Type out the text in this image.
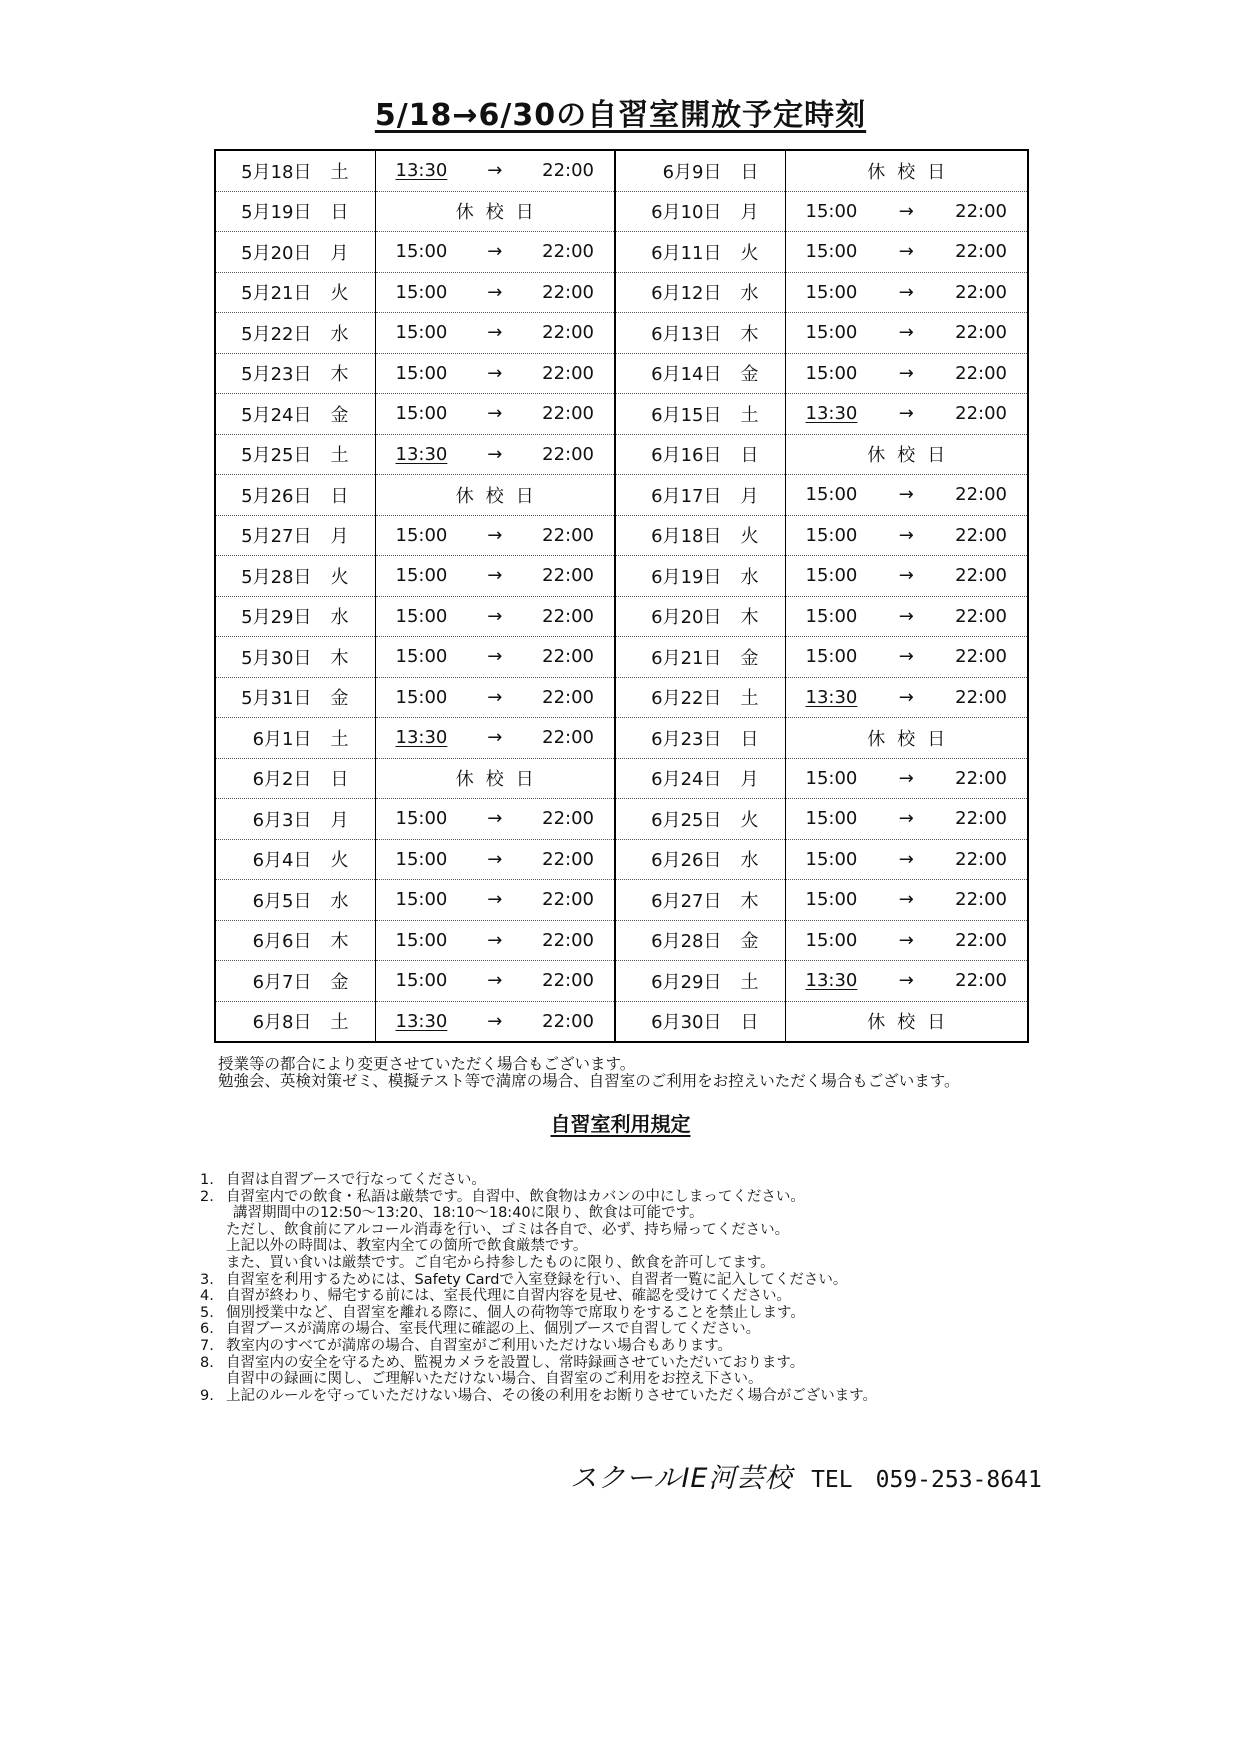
5/18→6/30の自習室開放予定時刻
5月18日  土	13:30 → 22:00	6月9日  日	休校日

5月19日  日	休校日	6月10日  月	15:00 → 22:00

5月20日  月	15:00 → 22:00	6月11日  火	15:00 → 22:00

5月21日  火	15:00 → 22:00	6月12日  水	15:00 → 22:00

5月22日  水	15:00 → 22:00	6月13日  木	15:00 → 22:00

5月23日  木	15:00 → 22:00	6月14日  金	15:00 → 22:00

5月24日  金	15:00 → 22:00	6月15日  土	13:30 → 22:00

5月25日  土	13:30 → 22:00	6月16日  日	休校日

5月26日  日	休校日	6月17日  月	15:00 → 22:00

5月27日  月	15:00 → 22:00	6月18日  火	15:00 → 22:00

5月28日  火	15:00 → 22:00	6月19日  水	15:00 → 22:00

5月29日  水	15:00 → 22:00	6月20日  木	15:00 → 22:00

5月30日  木	15:00 → 22:00	6月21日  金	15:00 → 22:00

5月31日  金	15:00 → 22:00	6月22日  土	13:30 → 22:00

6月1日  土	13:30 → 22:00	6月23日  日	休校日

6月2日  日	休校日	6月24日  月	15:00 → 22:00

6月3日  月	15:00 → 22:00	6月25日  火	15:00 → 22:00

6月4日  火	15:00 → 22:00	6月26日  水	15:00 → 22:00

6月5日  水	15:00 → 22:00	6月27日  木	15:00 → 22:00

6月6日  木	15:00 → 22:00	6月28日  金	15:00 → 22:00

6月7日  金	15:00 → 22:00	6月29日  土	13:30 → 22:00

6月8日  土	13:30 → 22:00	6月30日  日	休校日
授業等の都合により変更させていただく場合もございます。
勉強会、英検対策ゼミ、模擬テスト等で満席の場合、自習室のご利用をお控えいただく場合もございます。
自習室利用規定
1. 自習は自習ブースで行なってください。
2. 自習室内での飲食・私語は厳禁です。自習中、飲食物はカバンの中にしまってください。
講習期間中の12:50～13:20、18:10～18:40に限り、飲食は可能です。
ただし、飲食前にアルコール消毒を行い、ゴミは各自で、必ず、持ち帰ってください。
上記以外の時間は、教室内全ての箇所で飲食厳禁です。
また、買い食いは厳禁です。ご自宅から持参したものに限り、飲食を許可してます。
3. 自習室を利用するためには、Safety Cardで入室登録を行い、自習者一覧に記入してください。
4. 自習が終わり、帰宅する前には、室長代理に自習内容を見せ、確認を受けてください。
5. 個別授業中など、自習室を離れる際に、個人の荷物等で席取りをすることを禁止します。
6. 自習ブースが満席の場合、室長代理に確認の上、個別ブースで自習してください。
7. 教室内のすべてが満席の場合、自習室がご利用いただけない場合もあります。
8. 自習室内の安全を守るため、監視カメラを設置し、常時録画させていただいております。
自習中の録画に関し、ご理解いただけない場合、自習室のご利用をお控え下さい。
9. 上記のルールを守っていただけない場合、その後の利用をお断りさせていただく場合がございます。
スクールIE河芸校 TEL　059-253-8641
